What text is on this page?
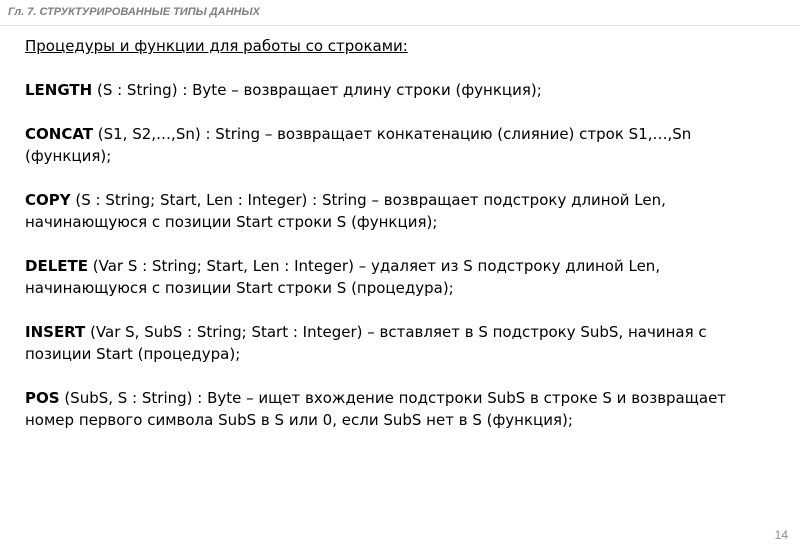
Гл. 7. СТРУКТУРИРОВАННЫЕ ТИПЫ ДАННЫХ
Процедуры и функции для работы со строками:
LENGTH (S : String) : Byte – возвращает длину строки (функция);
CONCAT (S1, S2,…,Sn) : String – возвращает конкатенацию (слияние) строк S1,…,Sn (функция);
COPY (S : String; Start, Len : Integer) : String – возвращает подстроку длиной Len, начинающуюся с позиции Start строки S (функция);
DELETE (Var S : String; Start, Len : Integer) – удаляет из S подстроку длиной Len, начинающуюся с позиции Start строки S (процедура);
INSERT (Var S, SubS : String; Start : Integer) – вставляет в S подстроку SubS, начиная с позиции Start (процедура);
POS (SubS, S : String) : Byte – ищет вхождение подстроки SubS в строке S и возвращает номер первого символа SubS в S или 0, если SubS нет в S (функция);
14
